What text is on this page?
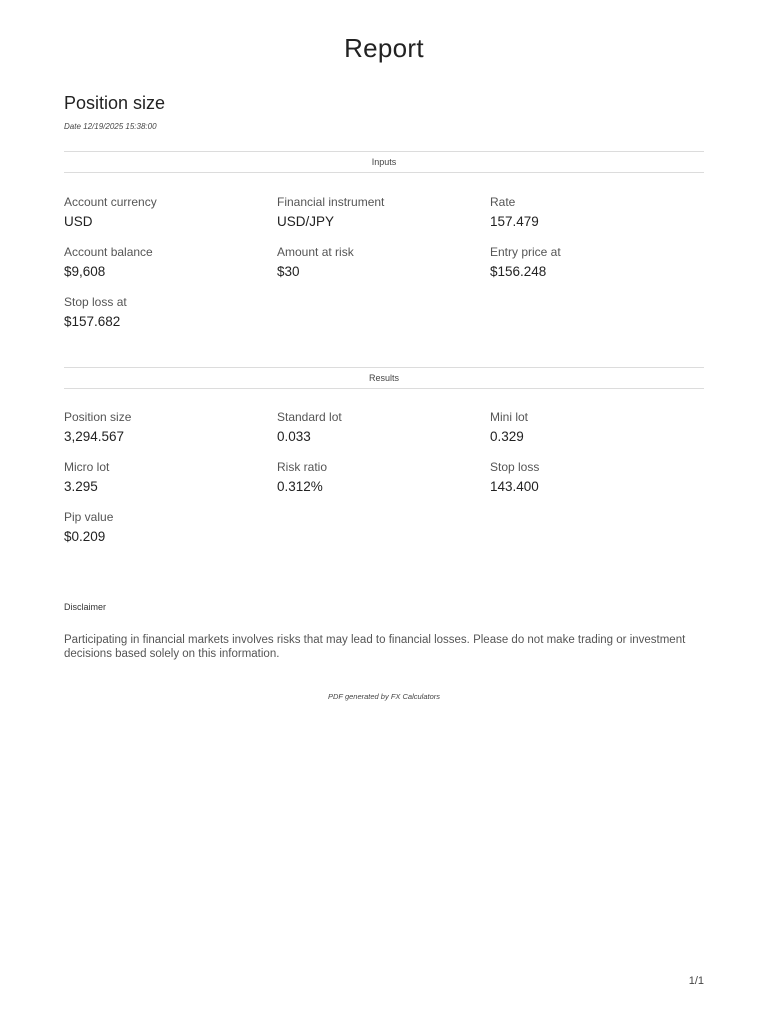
Report
Position size
Date 12/19/2025 15:38:00
Inputs
Account currency
USD
Financial instrument
USD/JPY
Rate
157.479
Account balance
$9,608
Amount at risk
$30
Entry price at
$156.248
Stop loss at
$157.682
Results
Position size
3,294.567
Standard lot
0.033
Mini lot
0.329
Micro lot
3.295
Risk ratio
0.312%
Stop loss
143.400
Pip value
$0.209
Disclaimer
Participating in financial markets involves risks that may lead to financial losses. Please do not make trading or investment decisions based solely on this information.
PDF generated by FX Calculators
1/1
